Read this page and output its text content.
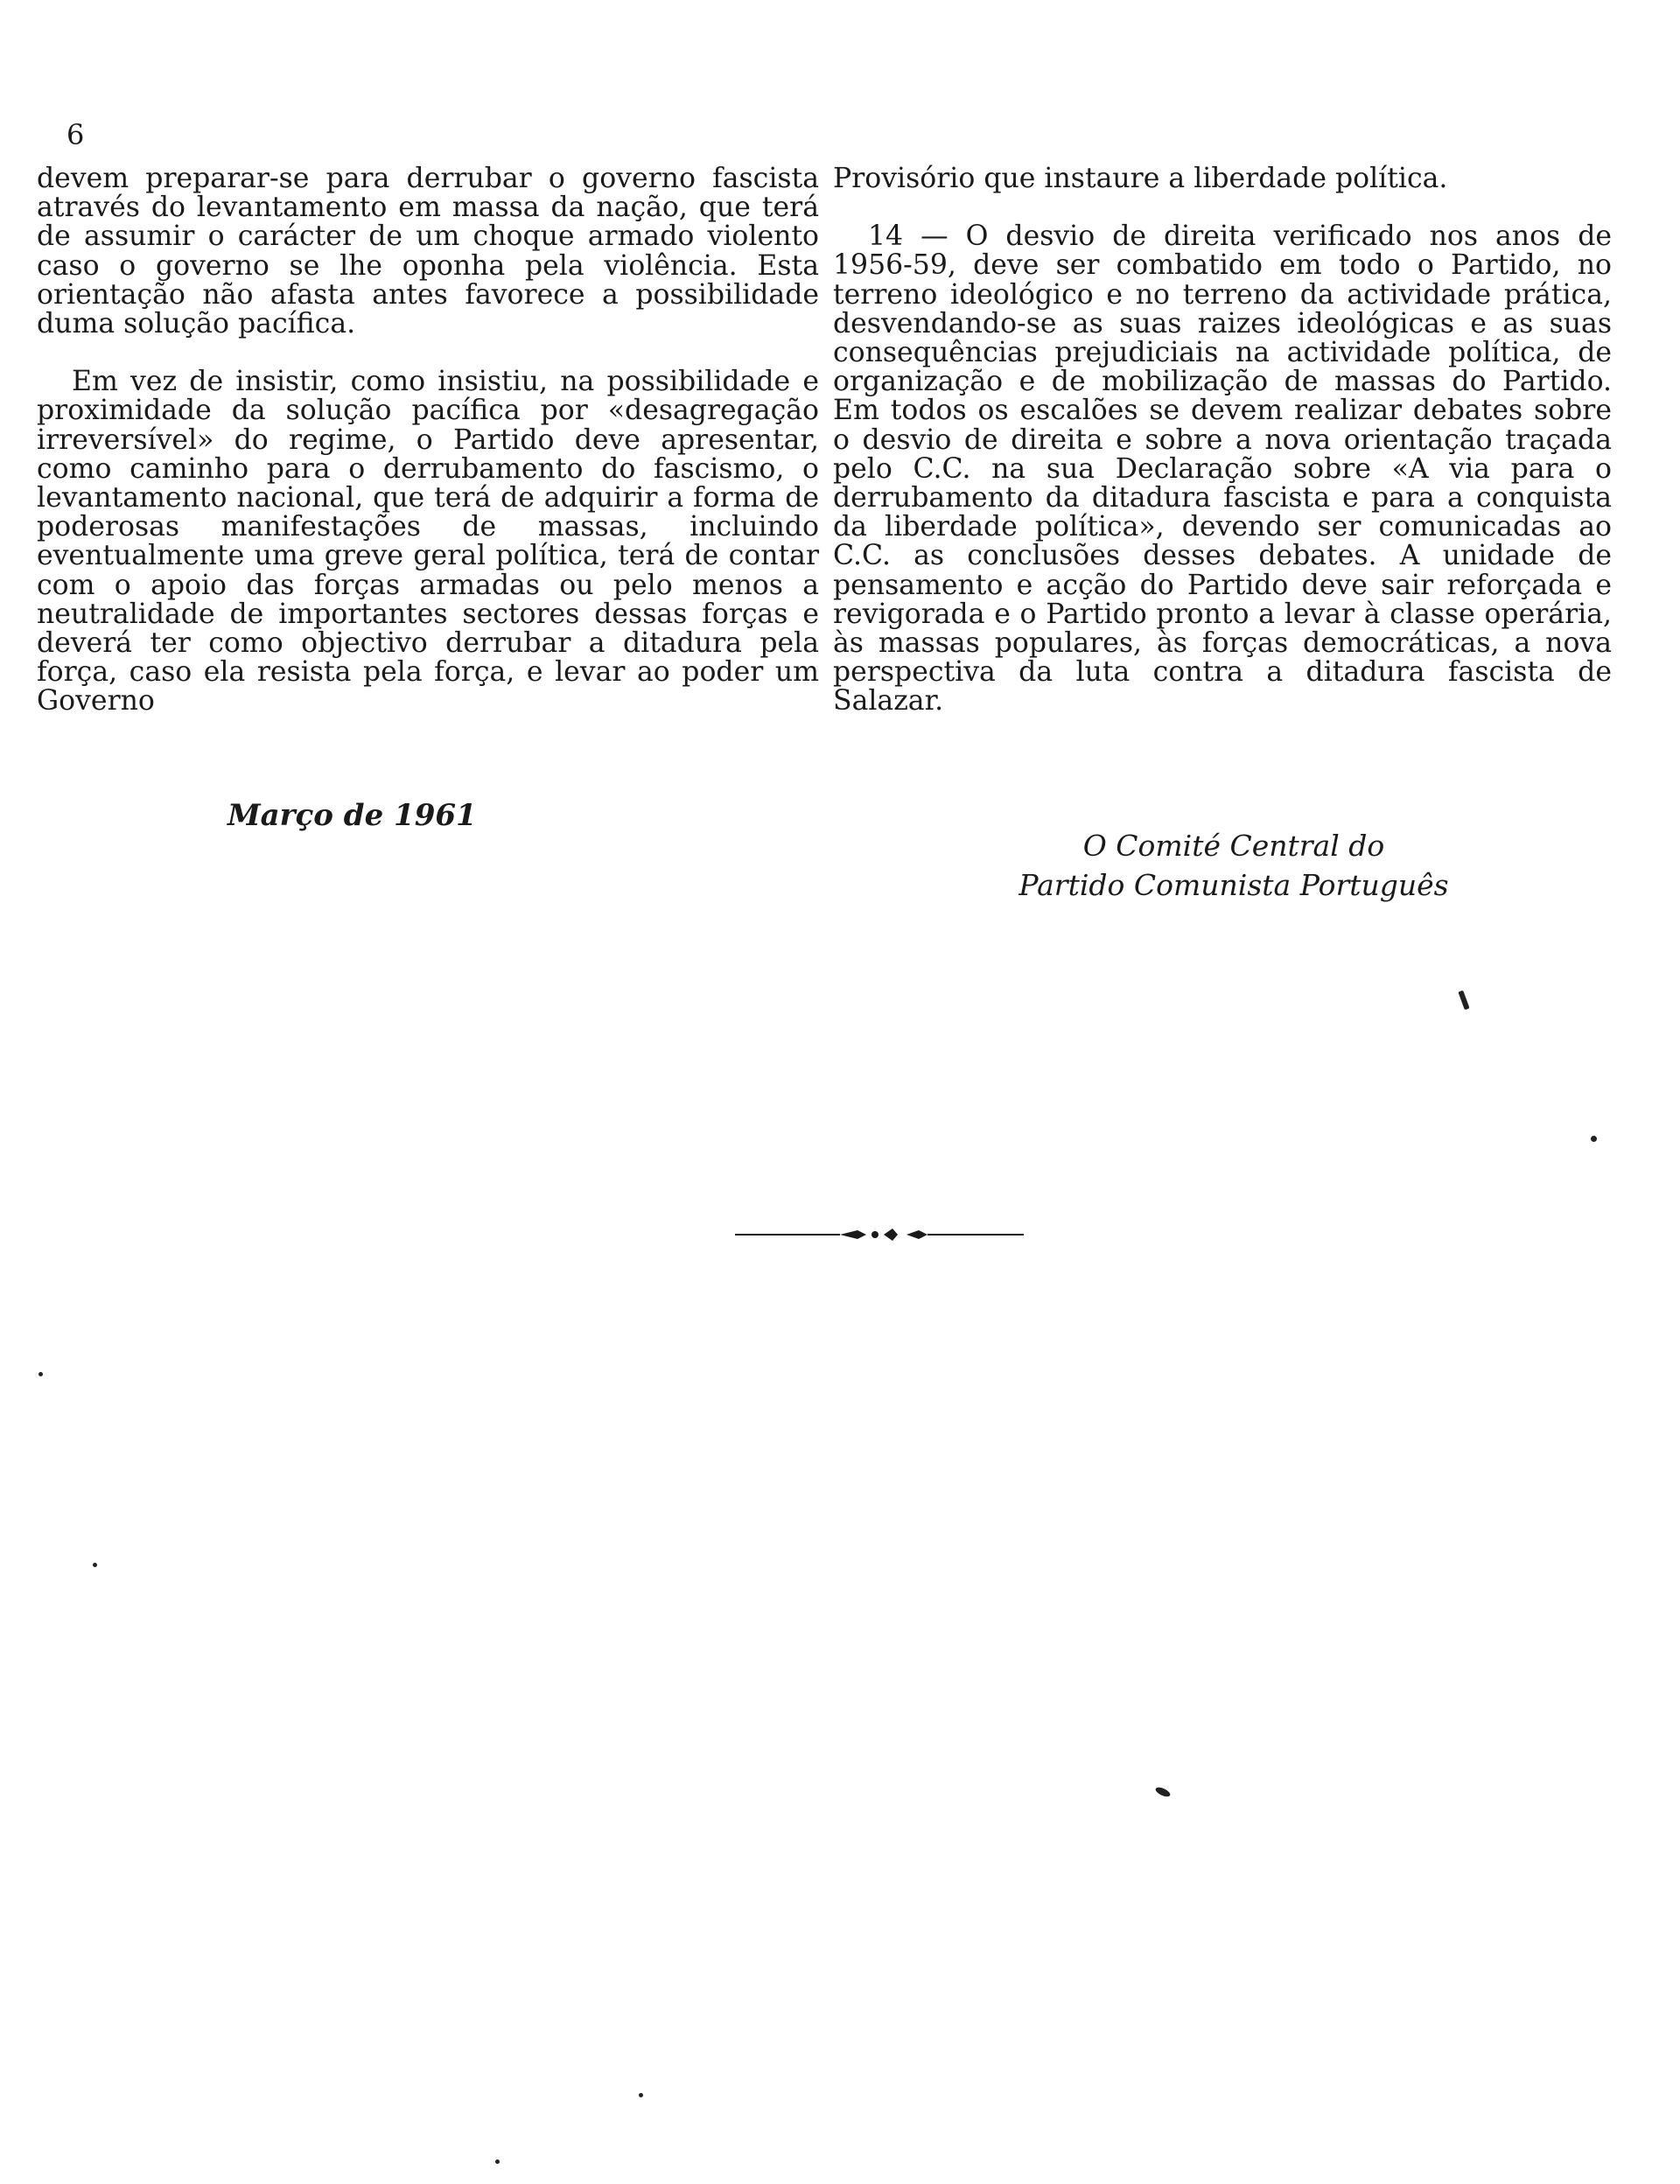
6

devem preparar-se para derrubar o governo fascista através do levantamento em massa da nação, que terá de assumir o carácter de um choque armado violento caso o governo se lhe oponha pela violência. Esta orientação não afasta antes favorece a possibilidade duma solução pacífica.

Em vez de insistir, como insistiu, na possibilidade e proximidade da solução pacífica por «desagregação irreversível» do regime, o Partido deve apresentar, como caminho para o derrubamento do fascismo, o levantamento nacional, que terá de adquirir a forma de poderosas manifestações de massas, incluindo eventualmente uma greve geral política, terá de contar com o apoio das forças armadas ou pelo menos a neutralidade de importantes sectores dessas forças e deverá ter como objectivo derrubar a ditadura pela força, caso ela resista pela força, e levar ao poder um Governo

Provisório que instaure a liberdade política.

14 — O desvio de direita verificado nos anos de 1956-59, deve ser combatido em todo o Partido, no terreno ideológico e no terreno da actividade prática, desvendando-se as suas raizes ideológicas e as suas consequências prejudiciais na actividade política, de organização e de mobilização de massas do Partido. Em todos os escalões se devem realizar debates sobre o desvio de direita e sobre a nova orientação traçada pelo C.C. na sua Declaração sobre «A via para o derrubamento da ditadura fascista e para a conquista da liberdade política», devendo ser comunicadas ao C.C. as conclusões desses debates. A unidade de pensamento e acção do Partido deve sair reforçada e revigorada e o Partido pronto a levar à classe operária, às massas populares, às forças democráticas, a nova perspectiva da luta contra a ditadura fascista de Salazar.

Março de 1961
O Comité Central do
Partido Comunista Português
